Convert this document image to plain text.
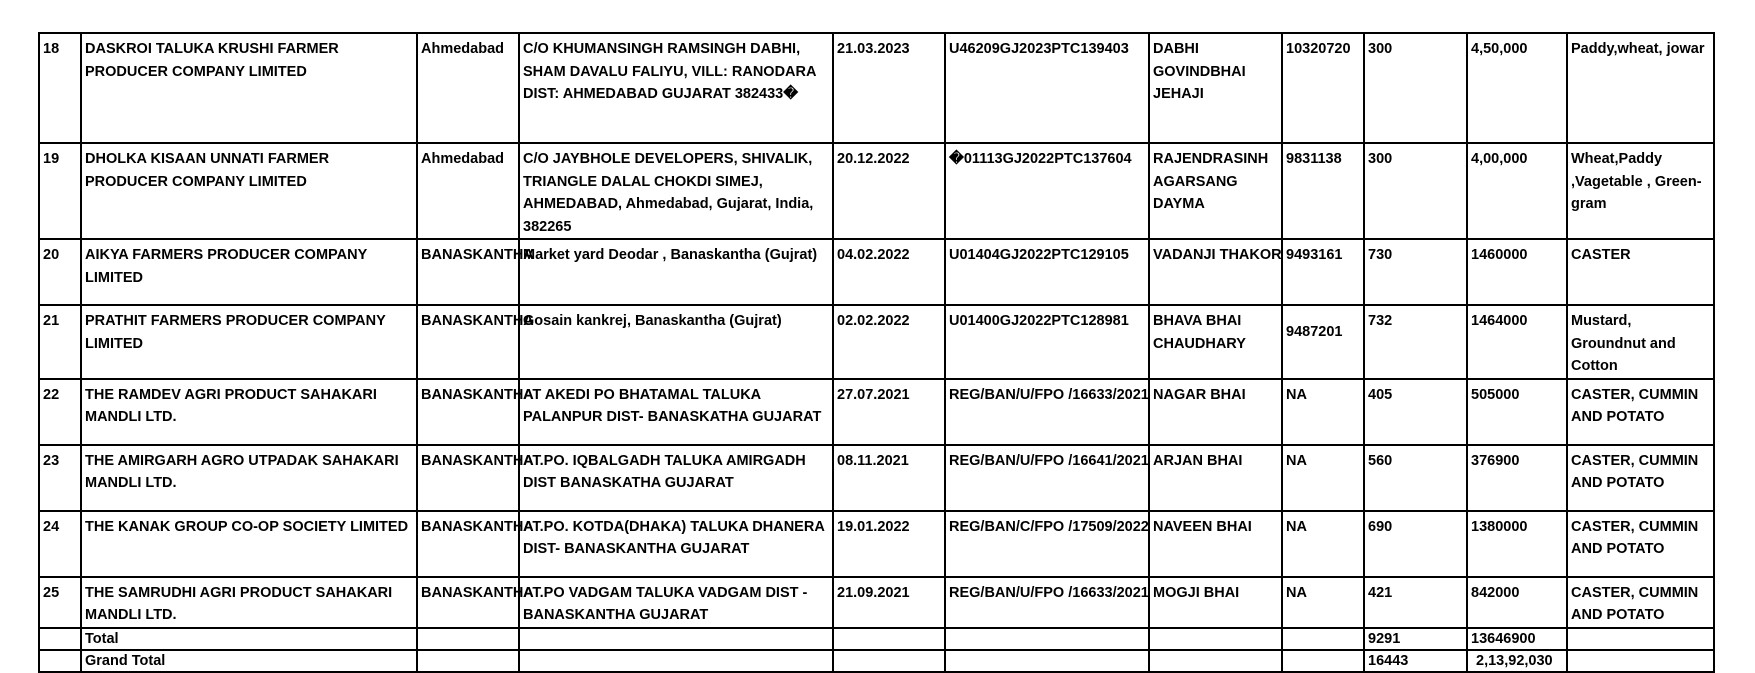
18	DASKROI TALUKA KRUSHI FARMER PRODUCER COMPANY LIMITED	Ahmedabad	C/O KHUMANSINGH RAMSINGH DABHI, SHAM DAVALU FALIYU, VILL: RANODARA DIST: AHMEDABAD GUJARAT 382433�	21.03.2023	U46209GJ2023PTC139403	DABHI GOVINDBHAI JEHAJI	10320720	300	4,50,000	Paddy,wheat, jowar
19	DHOLKA KISAAN UNNATI FARMER PRODUCER COMPANY LIMITED	Ahmedabad	C/O JAYBHOLE DEVELOPERS, SHIVALIK, TRIANGLE DALAL CHOKDI SIMEJ, AHMEDABAD, Ahmedabad, Gujarat, India, 382265	20.12.2022	�01113GJ2022PTC137604	RAJENDRASINH AGARSANG DAYMA	9831138	300	4,00,000	Wheat,Paddy ,Vagetable , Green-gram
20	AIKYA FARMERS PRODUCER COMPANY LIMITED	BANASKANTHA	Market yard Deodar , Banaskantha (Gujrat)	04.02.2022	U01404GJ2022PTC129105	VADANJI THAKOR	9493161	730	1460000	CASTER
21	PRATHIT FARMERS PRODUCER COMPANY LIMITED	BANASKANTHA	Gosain kankrej, Banaskantha (Gujrat)	02.02.2022	U01400GJ2022PTC128981	BHAVA BHAI CHAUDHARY	9487201	732	1464000	Mustard, Groundnut and Cotton
22	THE RAMDEV AGRI PRODUCT SAHAKARI MANDLI LTD.	BANASKANTHA	AT AKEDI PO BHATAMAL TALUKA PALANPUR DIST- BANASKATHA GUJARAT	27.07.2021	REG/BAN/U/FPO /16633/2021	NAGAR BHAI	NA	405	505000	CASTER, CUMMIN AND POTATO
23	THE AMIRGARH AGRO UTPADAK SAHAKARI MANDLI LTD.	BANASKANTHA	AT.PO. IQBALGADH TALUKA AMIRGADH DIST BANASKATHA GUJARAT	08.11.2021	REG/BAN/U/FPO /16641/2021	ARJAN BHAI	NA	560	376900	CASTER, CUMMIN AND POTATO
24	THE KANAK GROUP CO-OP SOCIETY LIMITED	BANASKANTHA	AT.PO. KOTDA(DHAKA) TALUKA DHANERA DIST- BANASKANTHA GUJARAT	19.01.2022	REG/BAN/C/FPO /17509/2022	NAVEEN BHAI	NA	690	1380000	CASTER, CUMMIN AND POTATO
25	THE SAMRUDHI AGRI PRODUCT SAHAKARI MANDLI LTD.	BANASKANTHA	AT.PO VADGAM TALUKA VADGAM DIST - BANASKANTHA GUJARAT	21.09.2021	REG/BAN/U/FPO /16633/2021	MOGJI BHAI	NA	421	842000	CASTER, CUMMIN AND POTATO
	Total							9291	13646900	
	Grand Total							16443	2,13,92,030	
